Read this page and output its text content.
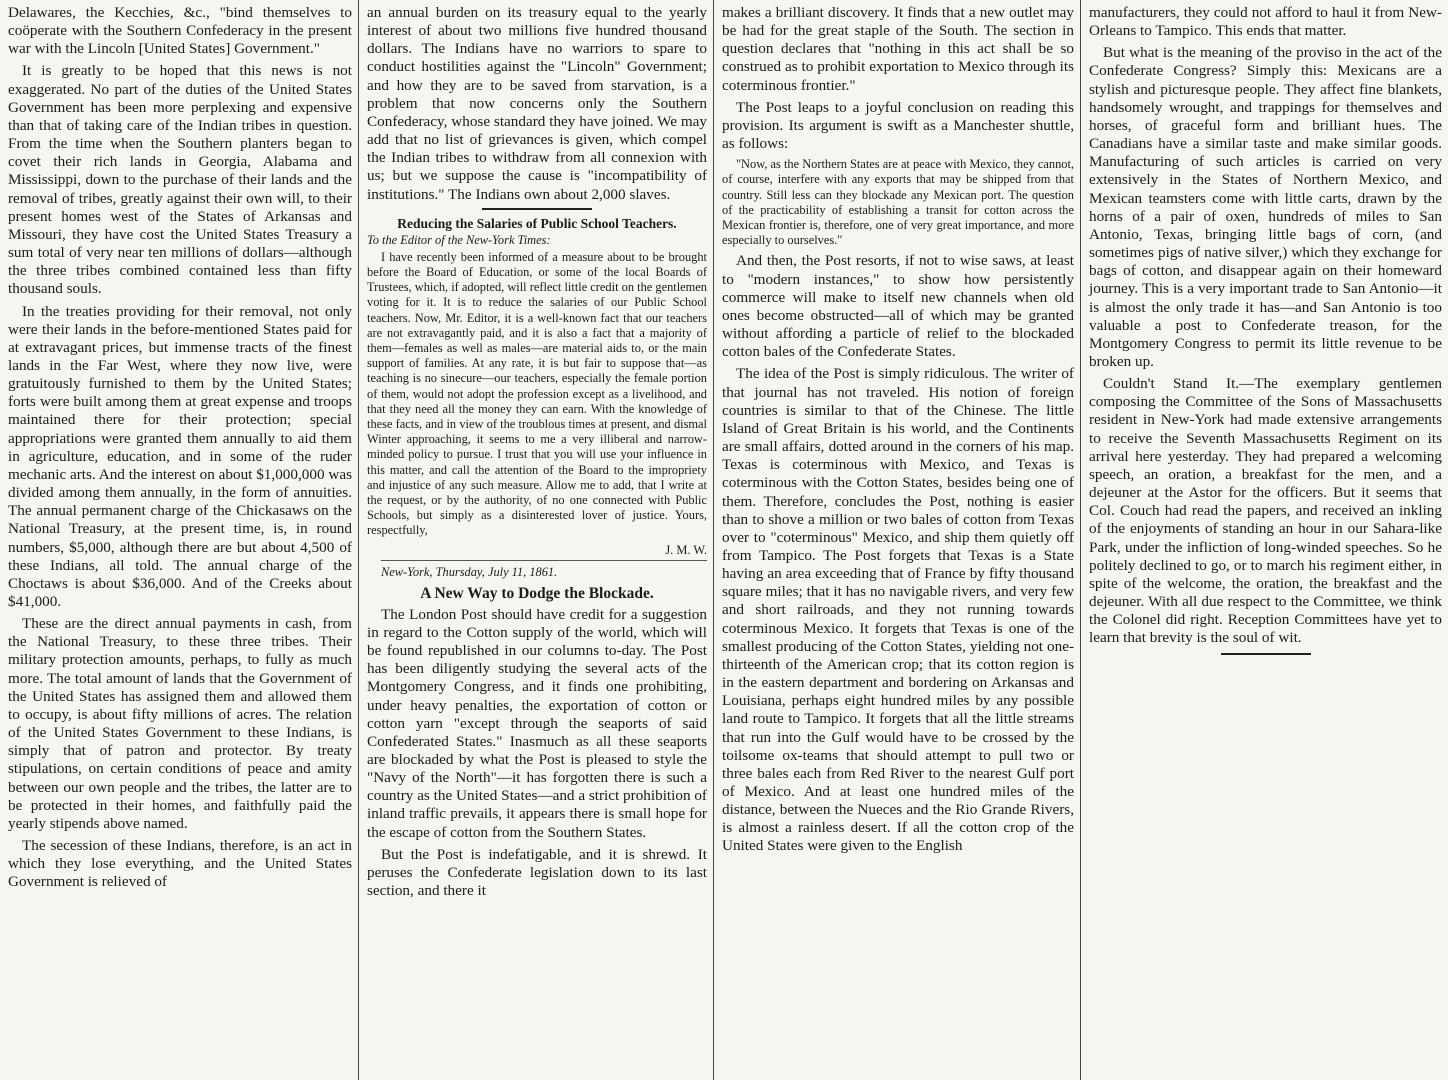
Delawares, the Kecchies, &c., "bind themselves to coöperate with the Southern Confederacy in the present war with the Lincoln [United States] Government."

It is greatly to be hoped that this news is not exaggerated. No part of the duties of the United States Government has been more perplexing and expensive than that of taking care of the Indian tribes in question. From the time when the Southern planters began to covet their rich lands in Georgia, Alabama and Mississippi, down to the purchase of their lands and the removal of tribes, greatly against their own will, to their present homes west of the States of Arkansas and Missouri, they have cost the United States Treasury a sum total of very near ten millions of dollars—although the three tribes combined contained less than fifty thousand souls.

In the treaties providing for their removal, not only were their lands in the before-mentioned States paid for at extravagant prices, but immense tracts of the finest lands in the Far West, where they now live, were gratuitously furnished to them by the United States; forts were built among them at great expense and troops maintained there for their protection; special appropriations were granted them annually to aid them in agriculture, education, and in some of the ruder mechanic arts. And the interest on about $1,000,000 was divided among them annually, in the form of annuities. The annual permanent charge of the Chickasaws on the National Treasury, at the present time, is, in round numbers, $5,000, although there are but about 4,500 of these Indians, all told. The annual charge of the Choctaws is about $36,000. And of the Creeks about $41,000.

These are the direct annual payments in cash, from the National Treasury, to these three tribes. Their military protection amounts, perhaps, to fully as much more. The total amount of lands that the Government of the United States has assigned them and allowed them to occupy, is about fifty millions of acres. The relation of the United States Government to these Indians, is simply that of patron and protector. By treaty stipulations, on certain conditions of peace and amity between our own people and the tribes, the latter are to be protected in their homes, and faithfully paid the yearly stipends above named.

The secession of these Indians, therefore, is an act in which they lose everything, and the United States Government is relieved of

an annual burden on its treasury equal to the yearly interest of about two millions five hundred thousand dollars. The Indians have no warriors to spare to conduct hostilities against the "Lincoln" Government; and how they are to be saved from starvation, is a problem that now concerns only the Southern Confederacy, whose standard they have joined. We may add that no list of grievances is given, which compel the Indian tribes to withdraw from all connexion with us; but we suppose the cause is "incompatibility of institutions." The Indians own about 2,000 slaves.

Reducing the Salaries of Public School Teachers.
To the Editor of the New-York Times:

I have recently been informed of a measure about to be brought before the Board of Education, or some of the local Boards of Trustees, which, if adopted, will reflect little credit on the gentlemen voting for it. It is to reduce the salaries of our Public School teachers. Now, Mr. Editor, it is a well-known fact that our teachers are not extravagantly paid, and it is also a fact that a majority of them—females as well as males—are material aids to, or the main support of families. At any rate, it is but fair to suppose that—as teaching is no sinecure—our teachers, especially the female portion of them, would not adopt the profession except as a livelihood, and that they need all the money they can earn. With the knowledge of these facts, and in view of the troublous times at present, and dismal Winter approaching, it seems to me a very illiberal and narrow-minded policy to pursue. I trust that you will use your influence in this matter, and call the attention of the Board to the impropriety and injustice of any such measure. Allow me to add, that I write at the request, or by the authority, of no one connected with Public Schools, but simply as a disinterested lover of justice. Yours, respectfully,

J. M. W.
New-York, Thursday, July 11, 1861.
A New Way to Dodge the Blockade.

The London Post should have credit for a suggestion in regard to the Cotton supply of the world, which will be found republished in our columns to-day. The Post has been diligently studying the several acts of the Montgomery Congress, and it finds one prohibiting, under heavy penalties, the exportation of cotton or cotton yarn "except through the seaports of said Confederated States." Inasmuch as all these seaports are blockaded by what the Post is pleased to style the "Navy of the North"—it has forgotten there is such a country as the United States—and a strict prohibition of inland traffic prevails, it appears there is small hope for the escape of cotton from the Southern States.

But the Post is indefatigable, and it is shrewd. It peruses the Confederate legislation down to its last section, and there it

makes a brilliant discovery. It finds that a new outlet may be had for the great staple of the South. The section in question declares that "nothing in this act shall be so construed as to prohibit exportation to Mexico through its coterminous frontier."

The Post leaps to a joyful conclusion on reading this provision. Its argument is swift as a Manchester shuttle, as follows:

"Now, as the Northern States are at peace with Mexico, they cannot, of course, interfere with any exports that may be shipped from that country. Still less can they blockade any Mexican port. The question of the practicability of establishing a transit for cotton across the Mexican frontier is, therefore, one of very great importance, and more especially to ourselves."

And then, the Post resorts, if not to wise saws, at least to "modern instances," to show how persistently commerce will make to itself new channels when old ones become obstructed—all of which may be granted without affording a particle of relief to the blockaded cotton bales of the Confederate States.

The idea of the Post is simply ridiculous. The writer of that journal has not traveled. His notion of foreign countries is similar to that of the Chinese. The little Island of Great Britain is his world, and the Continents are small affairs, dotted around in the corners of his map. Texas is coterminous with Mexico, and Texas is coterminous with the Cotton States, besides being one of them. Therefore, concludes the Post, nothing is easier than to shove a million or two bales of cotton from Texas over to "coterminous" Mexico, and ship them quietly off from Tampico. The Post forgets that Texas is a State having an area exceeding that of France by fifty thousand square miles; that it has no navigable rivers, and very few and short railroads, and they not running towards coterminous Mexico. It forgets that Texas is one of the smallest producing of the Cotton States, yielding not one-thirteenth of the American crop; that its cotton region is in the eastern department and bordering on Arkansas and Louisiana, perhaps eight hundred miles by any possible land route to Tampico. It forgets that all the little streams that run into the Gulf would have to be crossed by the toilsome ox-teams that should attempt to pull two or three bales each from Red River to the nearest Gulf port of Mexico. And at least one hundred miles of the distance, between the Nueces and the Rio Grande Rivers, is almost a rainless desert. If all the cotton crop of the United States were given to the English

manufacturers, they could not afford to haul it from New-Orleans to Tampico. This ends that matter.

But what is the meaning of the proviso in the act of the Confederate Congress? Simply this: Mexicans are a stylish and picturesque people. They affect fine blankets, handsomely wrought, and trappings for themselves and horses, of graceful form and brilliant hues. The Canadians have a similar taste and make similar goods. Manufacturing of such articles is carried on very extensively in the States of Northern Mexico, and Mexican teamsters come with little carts, drawn by the horns of a pair of oxen, hundreds of miles to San Antonio, Texas, bringing little bags of corn, (and sometimes pigs of native silver,) which they exchange for bags of cotton, and disappear again on their homeward journey. This is a very important trade to San Antonio—it is almost the only trade it has—and San Antonio is too valuable a post to Confederate treason, for the Montgomery Congress to permit its little revenue to be broken up.

Couldn't Stand It.—The exemplary gentlemen composing the Committee of the Sons of Massachusetts resident in New-York had made extensive arrangements to receive the Seventh Massachusetts Regiment on its arrival here yesterday. They had prepared a welcoming speech, an oration, a breakfast for the men, and a dejeuner at the Astor for the officers. But it seems that Col. Couch had read the papers, and received an inkling of the enjoyments of standing an hour in our Sahara-like Park, under the infliction of long-winded speeches. So he politely declined to go, or to march his regiment either, in spite of the welcome, the oration, the breakfast and the dejeuner. With all due respect to the Committee, we think the Colonel did right. Reception Committees have yet to learn that brevity is the soul of wit.
